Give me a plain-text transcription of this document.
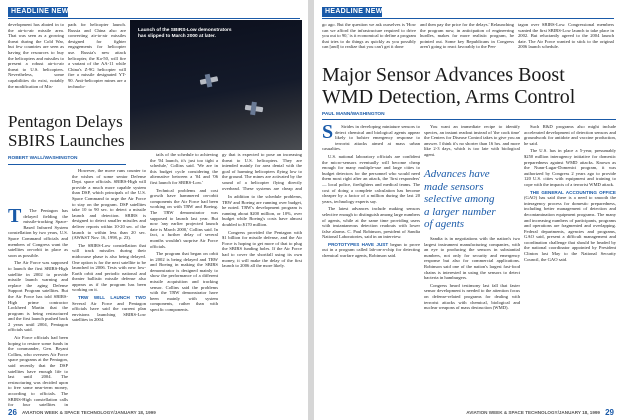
HEADLINE NEWS
development has abated in to the air-to-air missile area. That was seen as a growing threat during the Cold War, but few countries are seen as having the resources to buy the helicopters and missiles to present a robust air-to-air threat to U.S. helicopters. Nevertheless, some capabilities do exist, notably the modification of Mis-
pads for helicopter launch. Russia and China also are converting air-to-air missiles designed for fighter engagements for helicopter use. Russia's new attack helicopter, the Ka-50, will fire a variant of the AA-11 while China's Z-9G helicopter will fire a missile designated YT-90. Anti-helicopter mines are a technolo-
Launch of the SBIRS-Low demonstrators has slipped to March 2000 at later.
gy that is expected to pose an increasing threat to U.S. helicopters. They are intended mainly for area denial with the goal of harming helicopters flying low to the ground. The mines are activated by the sound of a helicopter flying directly overhead. These systems are cheap and
Pentagon Delays SBIRS Launches
ROBERT WALL/WASHINGTON
T	The Pentagon has delayed fielding the missile-tracking Space-Based Infrared System constellation by two years, U.S. Space Command officials and members of Congress want the satellites on-orbit in place as soon as possible.

The Air Force was supposed to launch the first SBIRS-High satellite in 2002 to provide missile launch warning and replace the aging Defense Support Program satellites. But the Air Force has told SBIRS-High prime contractor Lockheed Martin that the program is being restructured and the first launch pushed back 2 years until 2004, Pentagon officials said.

Air Force officials had been hoping to restore some funds in the commander, Gen. Bryant Collins, who oversees Air Force space programs at the Pentagon, said recently that the DSP satellites have enough life to last until 2004. The restructuring was decided upon to free some near-term money, according to officials. The SBIRS-High constellation calls for four satellites in

However, the move runs counter to the wishes of some senior Defense Dept. space officials. SBIRS-High will provide a much more capable system than DSP, which principals of the U.S. Space Command to urge the Air Force to stay on the program. DSP satellites take 10 to 90 sec. to detect a missile launch and detection. SBIRS is designed to detect smaller missiles and deliver reports within 10-20 sec. of the launch to within less than 20 sec. (AW&ST Nov. 16, 1998, p. 23).

The SBIRS-Low constellation that will track missiles during their midcourse phase is also being delayed. One option is for the next satellite to be launched in 2006. Tests with new low-Earth orbit and periodic national and theater ballistic missile defense also appears as if the program has been working on it.

TRW WILL LAUNCH TWO Several Air Force and Pentagon officials have said the current plan envisions launching SBIRS-Low satellites in 2004.

tails of the schedule to achieving the '04 launch, it's just too tight a schedule,' Collins said. 'We are in this budget cycle considering the alternative between a '04 and '06 first launch for SBIRS-Low.'

Technical problems and cost growth have hammered on-orbit components the Air Force had been working on with TRW and Boeing. The TRW demonstrator was supposed to launch last year. But now 'any earlier projected launch date is March 2000,' Collins said. In fact, a further delay of several months wouldn't surprise Air Force officials.

The program that began on orbit in 2002 is being delayed and TRW and Boeing in making the SBIRS demonstrator is designed mainly to show the performance of a different missile acquisition and tracking sensor. Collins said the problems with the TRW demonstrator have been mainly with system components, rather than with specific components.

In addition to the schedule problems, TRW and Boeing are running over budget, he noted. TRW's development program is running about $200 million, or 10%, over budget while Boeing's costs have almost doubled to $170 million.

Congress provided the Pentagon with $1 billion for missile defense, and the Air Force is hoping to get more of that to plug the SBIRS funding holes. If the Air Force had to cover the shortfall using its own money, it will make the delay of the first launch to 2006 all the more likely.

26 AVIATION WEEK & SPACE TECHNOLOGY/JANUARY 18, 1999
HEADLINE NEWS
go ago. But the question we ask ourselves is 'How can we afford the infrastructure required to drive you out to 90,' is it economical to define a program that tries to do things as quickly as you possibly can [and] to realize that you can't get it done
and then pay the price for the delays.' Relaunching the program now, in anticipation of engineering hurdles, makes far more realistic program, he pointed out. Some key Republicans in Congress aren't going to react favorably to the Pen-
tagon over SBIRS-Low. Congressional members wanted the first SBIRS-Low launch to take place in 2002. But reluctantly agreed to the 2004 launch date. The Air Force wanted to stick to the original 2006 launch schedule.
Major Sensor Advances Boost WMD Detection, Arms Control
PAUL MANN/WASHINGTON
S	Strides in developing miniature sensors to detect chemical and biological agents appear likely to bolster emergency response to terrorist attacks aimed at mass urban casualties.

U.S. national laboratory officials are confident the micro-sensors eventually will become cheap enough for many multiple-use and large cities to budget detectors for the personnel who would need them most right after an attack, the 'first responders' — local police, firefighters and medical teams. The cost of doing a complete calculation has become cheaper by a factor of a million during the last 20 years, technology experts say.

The latest advances include making sensors selective enough to distinguish among large numbers of agents, while at the same time providing users with instantaneous detection readouts with lower false alarms. C. Paul Robinson, president of Sandia National Laboratories, said in an interview.

PROTOTYPES HAVE JUST begun to prove out in a program called lab-on-a-chip for detecting chemical warfare agents, Robinson said.

You want an immediate recipe to identify species, an instant readout instead of 'the cook time' the Centers for Disease Control takes to give you an answer. I think it's no shorter than 16 hrs. and more like 2-3 days, which is too late with biological agent.

Advances have made sensors selective among a larger number of agents

Sandia is in negotiations with the nation's two largest instrument manufacturing companies, with an eye to producing the sensors in substantial numbers, not only for security and emergency response but also for commercial applications. Robinson said one of the nation's largest fast-food chains is interested in using the sensors to detect bacteria in hamburgers.

Congress heard testimony last fall that faster sensor development is needed to the attention focus on defense-related programs for dealing with terrorist attacks with chemical, biological and nuclear weapons of mass destruction (WMD).

Such R&D programs also might include accelerated development of detection sensors and groundwork for antidote and vaccine production, he said.

The U.S. has in place a 5-year, presumably $250 million interagency initiative for domestic preparedness against WMD attacks. Known as the Nunn-Lugar-Domenici program, it was authorized by Congress 2 years ago to provide 120 U.S. cities with equipment and training to cope with the impacts of a terrorist WMD attack.

THE GENERAL ACCOUNTING OFFICE (GAO) has said there is a need to smooth the interagency process for domestic preparedness, including better management of detection and decontamination equipment programs. The many and increasing numbers of participants, programs and operations are fragmented and overlapping. Federal departments, agencies and programs, GAO said, present a difficult management and coordination challenge that should be headed by the national coordinator appointed by President Clinton last May to the National Security Council, the GAO said.

AVIATION WEEK & SPACE TECHNOLOGY/JANUARY 18, 1999 29
